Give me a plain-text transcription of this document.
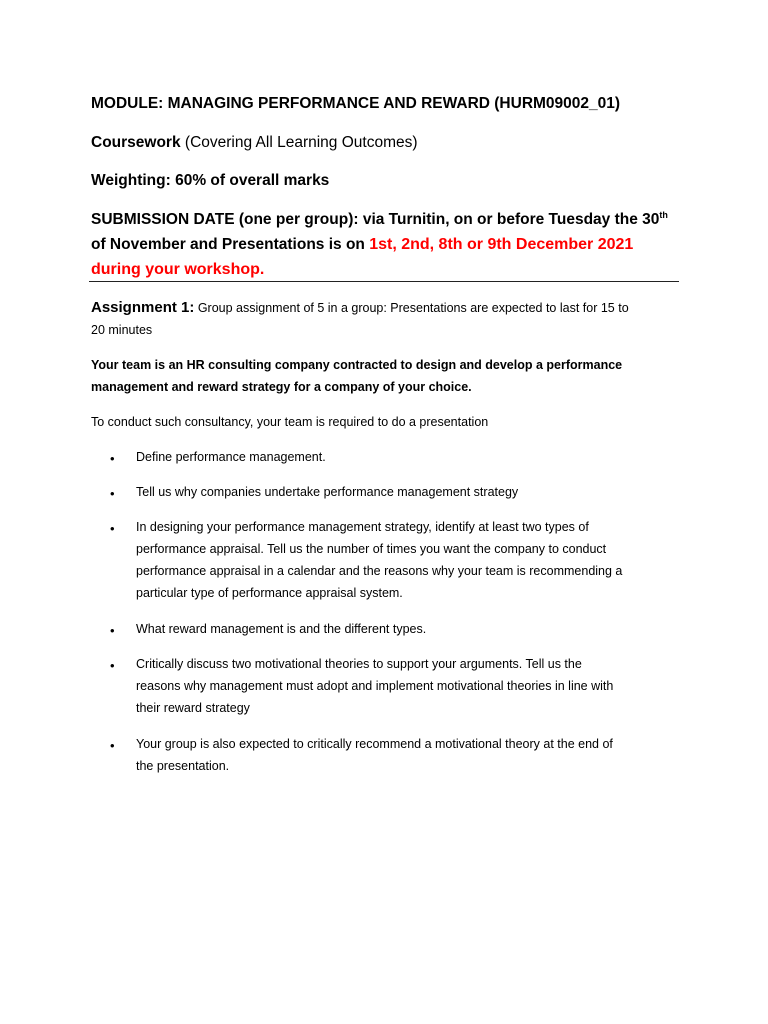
MODULE: MANAGING PERFORMANCE AND REWARD (HURM09002_01)
Coursework (Covering All Learning Outcomes)
Weighting: 60% of overall marks
SUBMISSION DATE (one per group): via Turnitin, on or before Tuesday the 30th
of November and Presentations is on 1st, 2nd, 8th or 9th December 2021
during your workshop.
Assignment 1: Group assignment of 5 in a group: Presentations are expected to last for 15 to
20 minutes
Your team is an HR consulting company contracted to design and develop a performance
management and reward strategy for a company of your choice.
To conduct such consultancy, your team is required to do a presentation
• Define performance management.
• Tell us why companies undertake performance management strategy
• In designing your performance management strategy, identify at least two types of
performance appraisal. Tell us the number of times you want the company to conduct
performance appraisal in a calendar and the reasons why your team is recommending a
particular type of performance appraisal system.
• What reward management is and the different types.
• Critically discuss two motivational theories to support your arguments. Tell us the
reasons why management must adopt and implement motivational theories in line with
their reward strategy
• Your group is also expected to critically recommend a motivational theory at the end of
the presentation.
